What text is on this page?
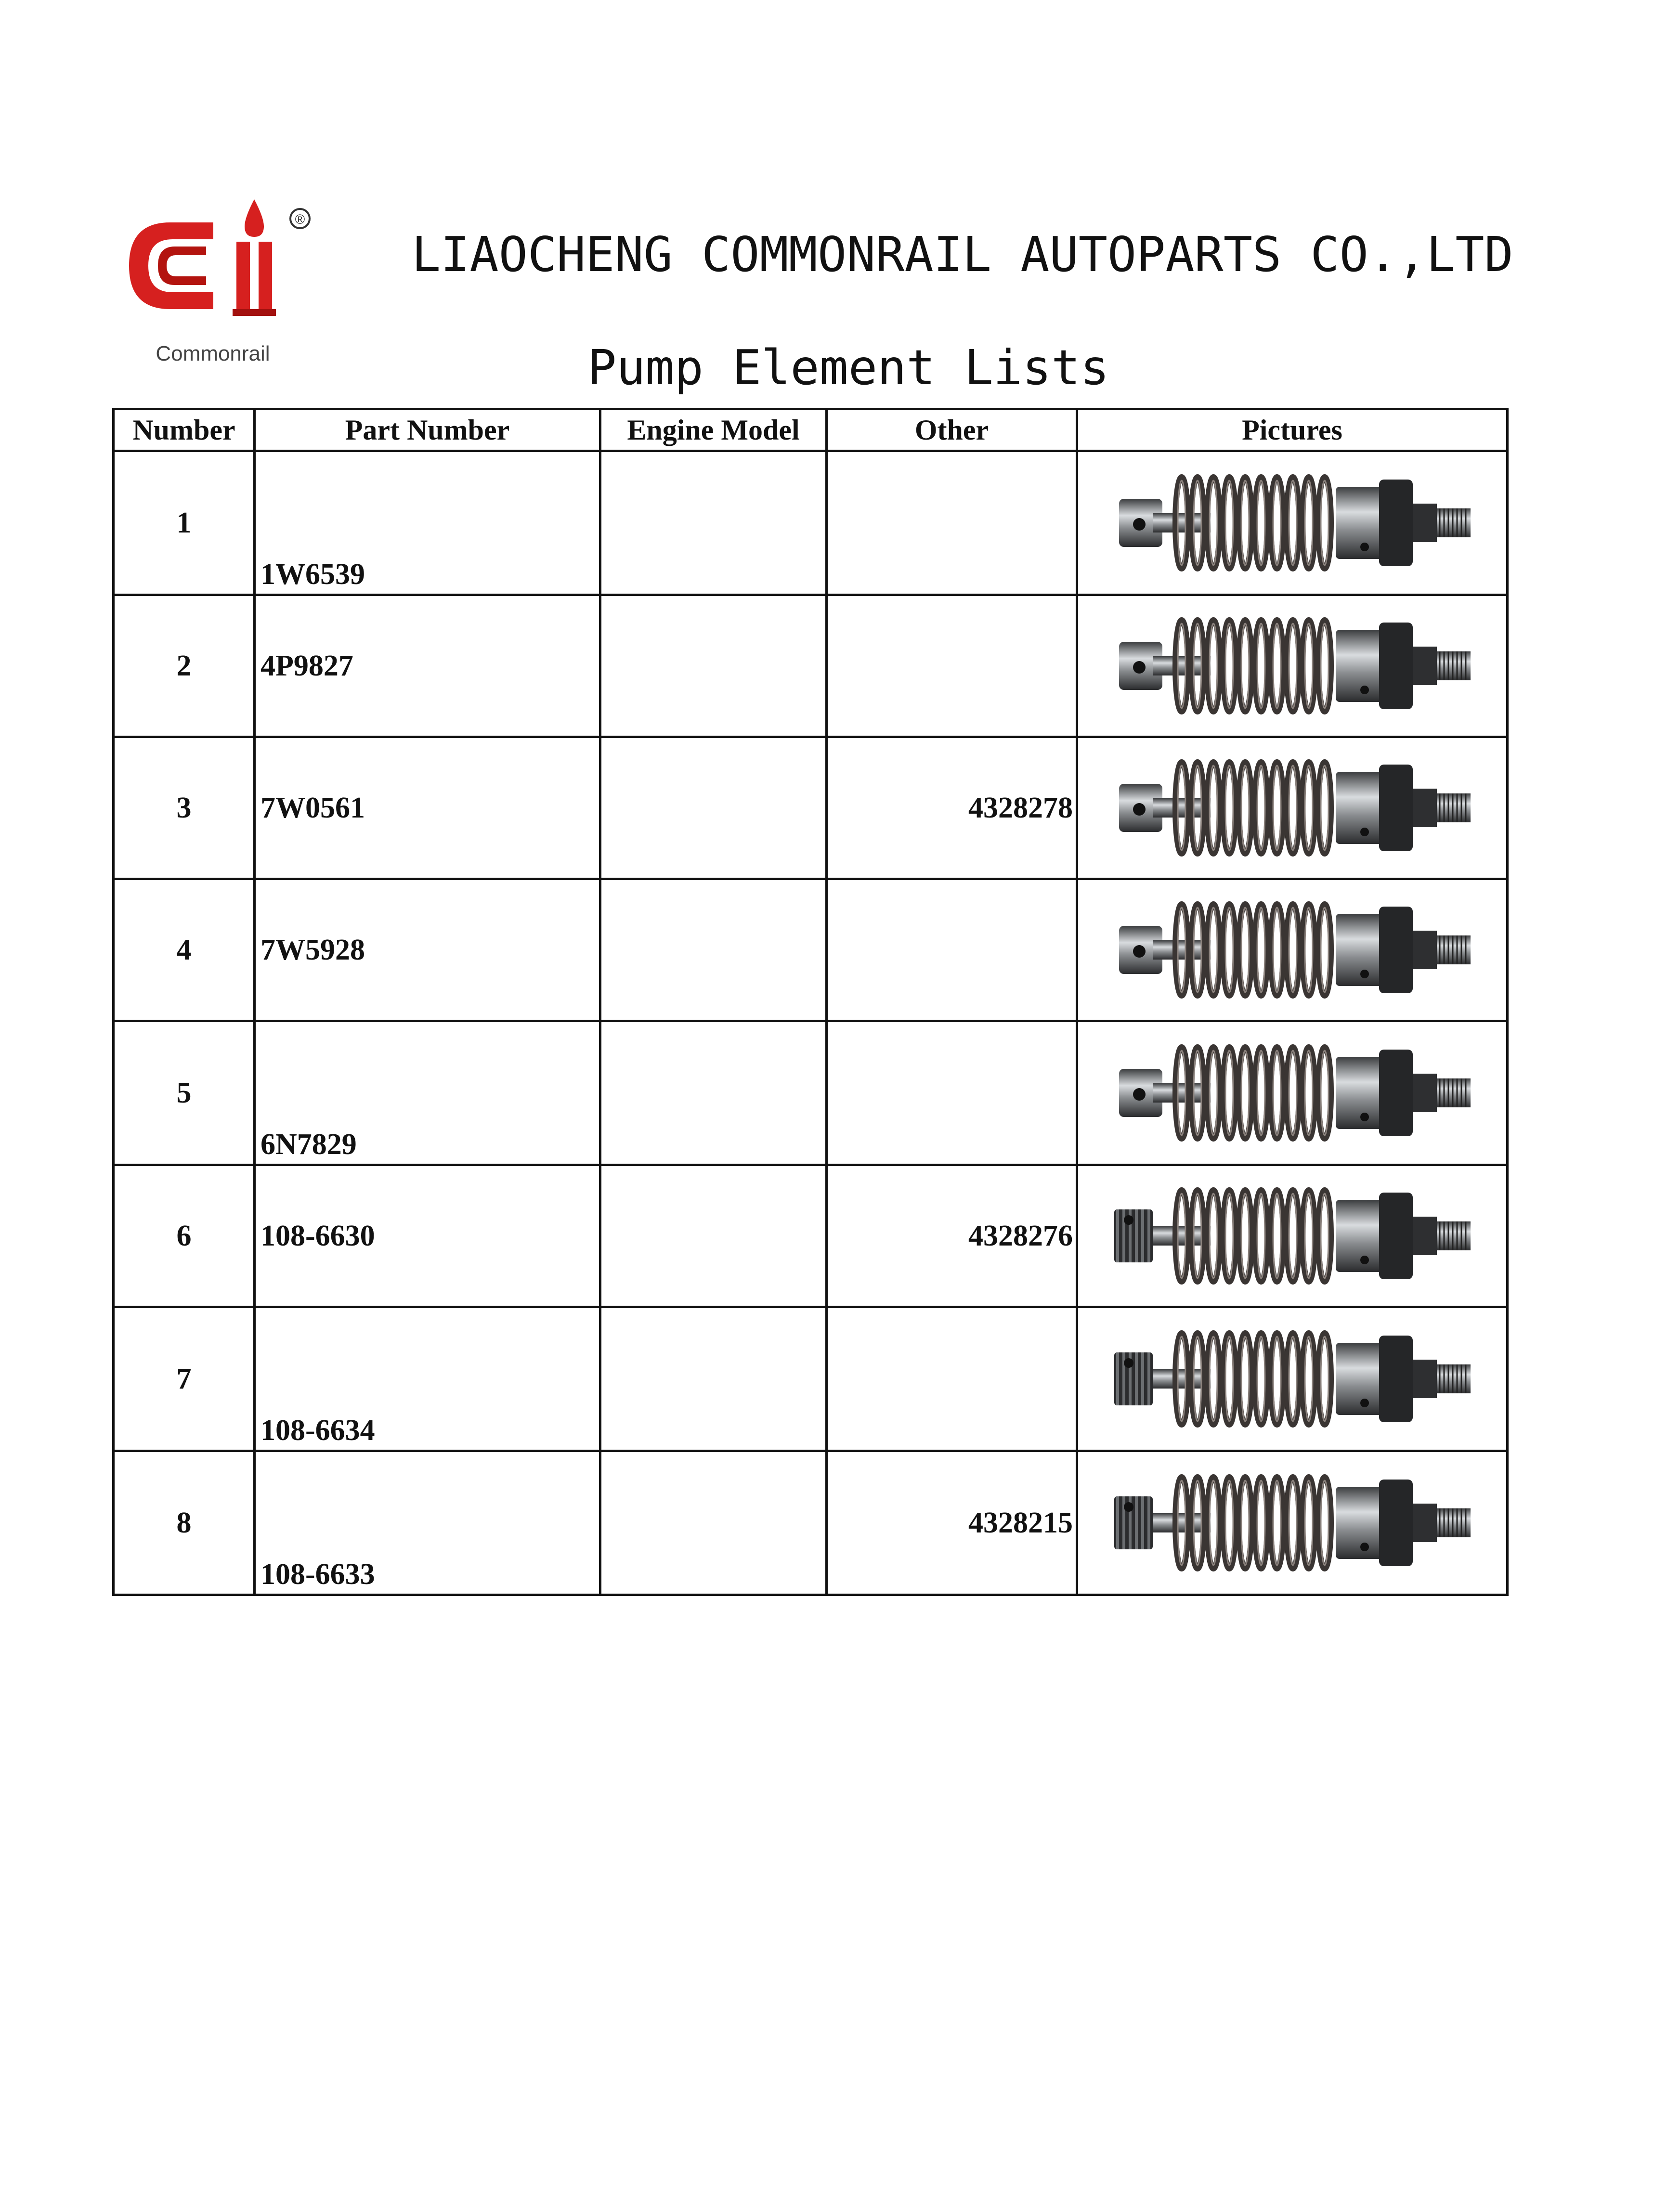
®
Commonrail
LIAOCHENG COMMONRAIL AUTOPARTS CO.,LTD
Pump Element Lists
Number	Part Number	Engine Model	Other	Pictures
1	1W6539			

2	4P9827			

3	7W0561		4328278	

4	7W5928			

5	6N7829			

6	108-6630		4328276	

7	108-6634			

8	108-6633		4328215	
